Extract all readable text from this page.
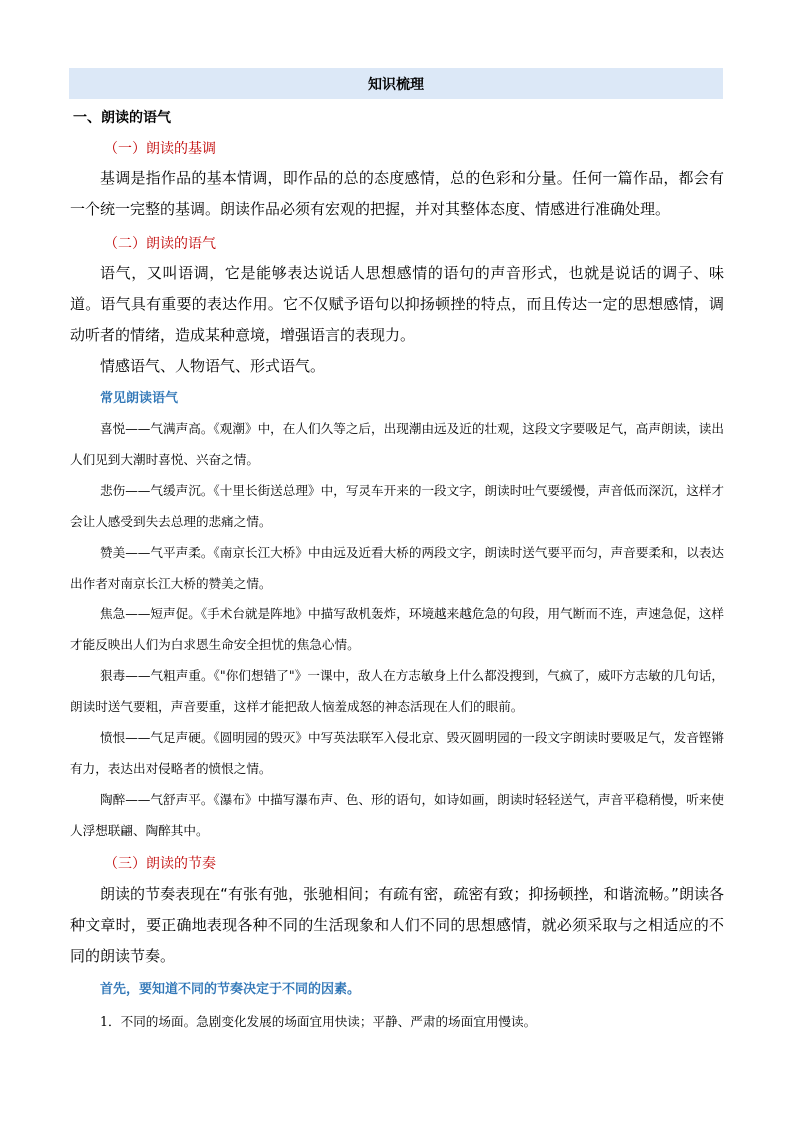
知识梳理
一、朗读的语气
（一）朗读的基调
基调是指作品的基本情调，即作品的总的态度感情，总的色彩和分量。任何一篇作品，都会有一个统一完整的基调。朗读作品必须有宏观的把握，并对其整体态度、情感进行准确处理。
（二）朗读的语气
语气，又叫语调，它是能够表达说话人思想感情的语句的声音形式，也就是说话的调子、味道。语气具有重要的表达作用。它不仅赋予语句以抑扬顿挫的特点，而且传达一定的思想感情，调动听者的情绪，造成某种意境，增强语言的表现力。
情感语气、人物语气、形式语气。
常见朗读语气
喜悦——气满声高。《观潮》中，在人们久等之后，出现潮由远及近的壮观，这段文字要吸足气，高声朗读，读出人们见到大潮时喜悦、兴奋之情。
悲伤——气缓声沉。《十里长街送总理》中，写灵车开来的一段文字，朗读时吐气要缓慢，声音低而深沉，这样才会让人感受到失去总理的悲痛之情。
赞美——气平声柔。《南京长江大桥》中由远及近看大桥的两段文字，朗读时送气要平而匀，声音要柔和，以表达出作者对南京长江大桥的赞美之情。
焦急——短声促。《手术台就是阵地》中描写敌机轰炸，环境越来越危急的句段，用气断而不连，声速急促，这样才能反映出人们为白求恩生命安全担忧的焦急心情。
狠毒——气粗声重。《"你们想错了"》一课中，敌人在方志敏身上什么都没搜到，气疯了，威吓方志敏的几句话，朗读时送气要粗，声音要重，这样才能把敌人恼羞成怒的神态活现在人们的眼前。
愤恨——气足声硬。《圆明园的毁灭》中写英法联军入侵北京、毁灭圆明园的一段文字朗读时要吸足气，发音铿锵有力，表达出对侵略者的愤恨之情。
陶醉——气舒声平。《瀑布》中描写瀑布声、色、形的语句，如诗如画，朗读时轻轻送气，声音平稳稍慢，听来使人浮想联翩、陶醉其中。
（三）朗读的节奏
朗读的节奏表现在“有张有弛，张驰相间；有疏有密，疏密有致；抑扬顿挫，和谐流畅。”朗读各种文章时，要正确地表现各种不同的生活现象和人们不同的思想感情，就必须采取与之相适应的不同的朗读节奏。
首先，要知道不同的节奏决定于不同的因素。
1．不同的场面。急剧变化发展的场面宜用快读；平静、严肃的场面宜用慢读。
